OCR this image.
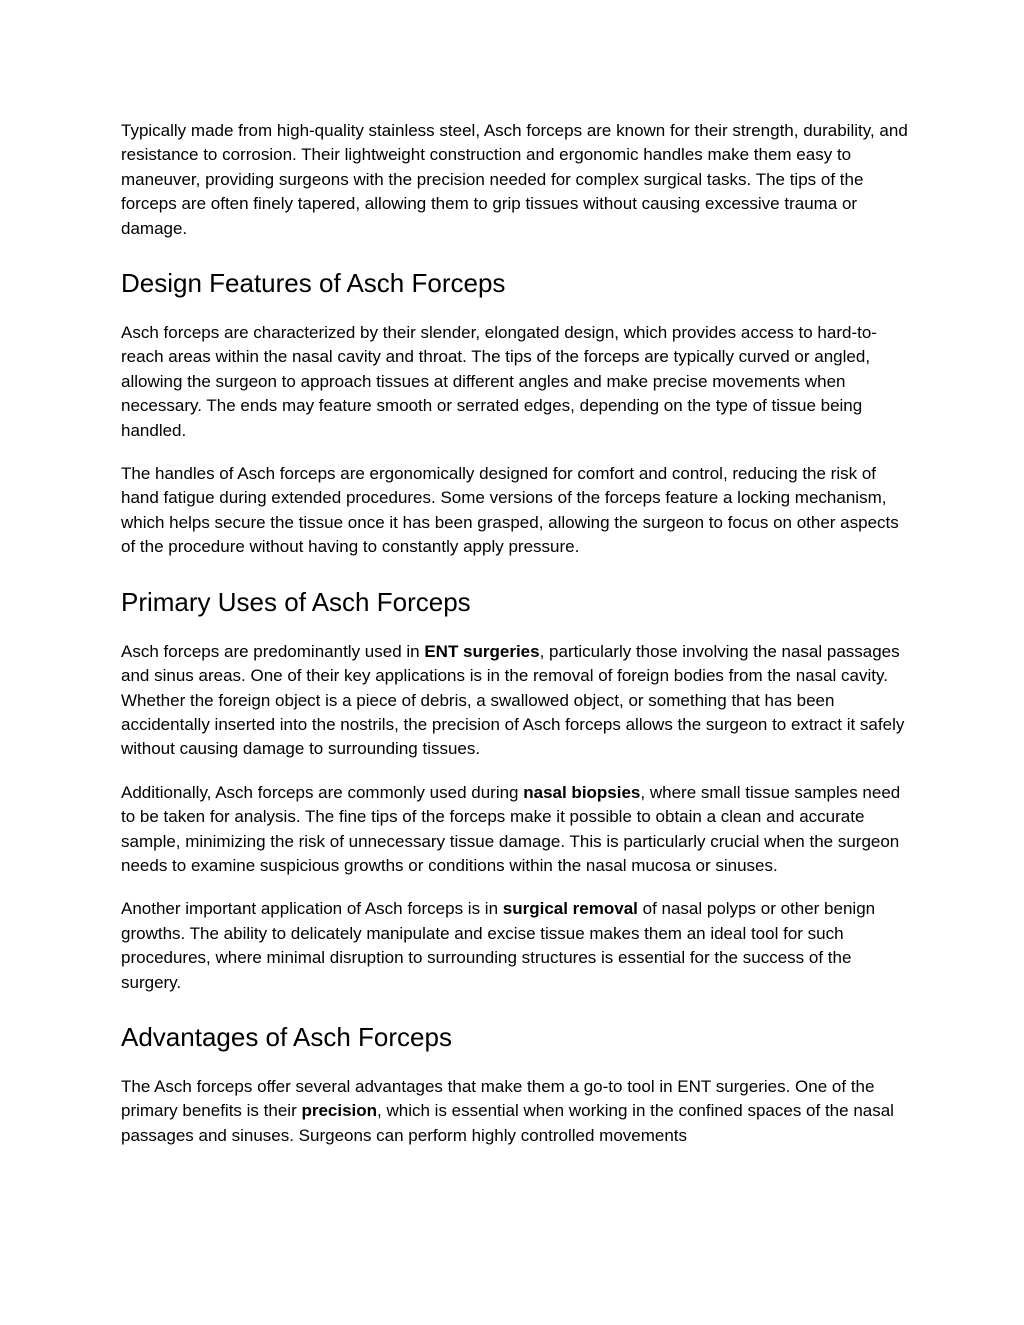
Typically made from high-quality stainless steel, Asch forceps are known for their strength, durability, and resistance to corrosion. Their lightweight construction and ergonomic handles make them easy to maneuver, providing surgeons with the precision needed for complex surgical tasks. The tips of the forceps are often finely tapered, allowing them to grip tissues without causing excessive trauma or damage.

Design Features of Asch Forceps

Asch forceps are characterized by their slender, elongated design, which provides access to hard-to-reach areas within the nasal cavity and throat. The tips of the forceps are typically curved or angled, allowing the surgeon to approach tissues at different angles and make precise movements when necessary. The ends may feature smooth or serrated edges, depending on the type of tissue being handled.

The handles of Asch forceps are ergonomically designed for comfort and control, reducing the risk of hand fatigue during extended procedures. Some versions of the forceps feature a locking mechanism, which helps secure the tissue once it has been grasped, allowing the surgeon to focus on other aspects of the procedure without having to constantly apply pressure.

Primary Uses of Asch Forceps

Asch forceps are predominantly used in ENT surgeries, particularly those involving the nasal passages and sinus areas. One of their key applications is in the removal of foreign bodies from the nasal cavity. Whether the foreign object is a piece of debris, a swallowed object, or something that has been accidentally inserted into the nostrils, the precision of Asch forceps allows the surgeon to extract it safely without causing damage to surrounding tissues.

Additionally, Asch forceps are commonly used during nasal biopsies, where small tissue samples need to be taken for analysis. The fine tips of the forceps make it possible to obtain a clean and accurate sample, minimizing the risk of unnecessary tissue damage. This is particularly crucial when the surgeon needs to examine suspicious growths or conditions within the nasal mucosa or sinuses.

Another important application of Asch forceps is in surgical removal of nasal polyps or other benign growths. The ability to delicately manipulate and excise tissue makes them an ideal tool for such procedures, where minimal disruption to surrounding structures is essential for the success of the surgery.

Advantages of Asch Forceps

The Asch forceps offer several advantages that make them a go-to tool in ENT surgeries. One of the primary benefits is their precision, which is essential when working in the confined spaces of the nasal passages and sinuses. Surgeons can perform highly controlled movements
